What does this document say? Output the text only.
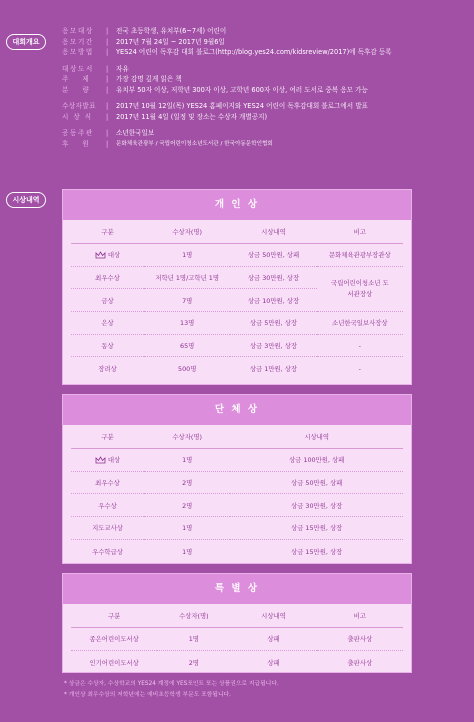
대회개요
응모대상	|	전국 초등학생, 유치부(6~7세) 어린이
응모기간	|	2017년 7월 24일 ~ 2017년 9월6일
응모방법	|	YES24 어린이 독후감 대회 블로그(http://blog.yes24.com/kidsreview/2017)에 독후감 등록
대상도서	|	자유
주제 |	가장 감명 깊게 읽은 책
분량 |	유치부 50자 이상, 저학년 300자 이상, 고학년 600자 이상, 여러 도서로 중복 응모 가능
수상자발표	|	2017년 10월 12일(목) YES24 홈페이지와 YES24 어린이 독후감대회 블로그에서 발표
시상식	|	2017년 11월 4일 (일정 및 장소는 수상자 개별공지)
공동주관	|	소년한국일보
후원 |	문화체육관광부 / 국립어린이청소년도서관 / 한국아동문학인협회
시상내역	개 인 상
구분	수상자(명)	시상내역	비고
대상	1명	상금 50만원, 상패	문화체육관광부장관상
최우수상	저학년 1명/고학년 1명	상금 30만원, 상장	국립어린이청소년 도서관장상
금상	7명	상금 10만원, 상장	
은상	13명	상금 5만원, 상장	소년한국일보사장상
동상	65명	상금 3만원, 상장	-
장려상	500명	상금 1만원, 상장	-
단 체 상
구분	수상자(명)	시상내역
대상	1명	상금 100만원, 상패
최우수상	2명	상금 50만원, 상패
우수상	2명	상금 30만원, 상장
지도교사상	1명	상금 15만원, 상장
우수학급상	1명	상금 15만원, 상장
특 별 상
구분	수상자(명)	시상내역	비고
종은어린이도서상	1명	상패	출판사상
인기어린이도서상	2명	상패	출판사상
* 상금은 수상자, 수상학교의 YES24 계정에 YES포인트 또는 상품권으로 지급됩니다.
* 개인상 최우수상의 저학년에는 예비초등학생 부문도 포함됩니다.
